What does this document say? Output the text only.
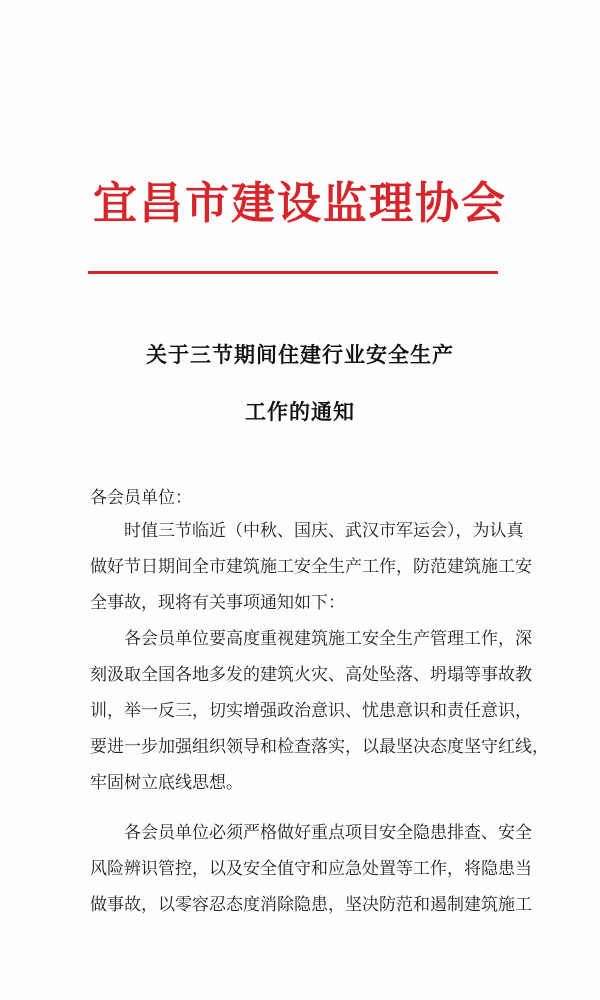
宜昌市建设监理协会
关于三节期间住建行业安全生产
工作的通知
各会员单位：
时值三节临近（中秋、国庆、武汉市军运会），为认真
做好节日期间全市建筑施工安全生产工作，防范建筑施工安
全事故，现将有关事项通知如下：
各会员单位要高度重视建筑施工安全生产管理工作，深
刻汲取全国各地多发的建筑火灾、高处坠落、坍塌等事故教
训，举一反三，切实增强政治意识、忧患意识和责任意识，
要进一步加强组织领导和检查落实，以最坚决态度坚守红线，
牢固树立底线思想。
各会员单位必须严格做好重点项目安全隐患排查、安全
风险辨识管控，以及安全值守和应急处置等工作，将隐患当
做事故，以零容忍态度消除隐患，坚决防范和遏制建筑施工
